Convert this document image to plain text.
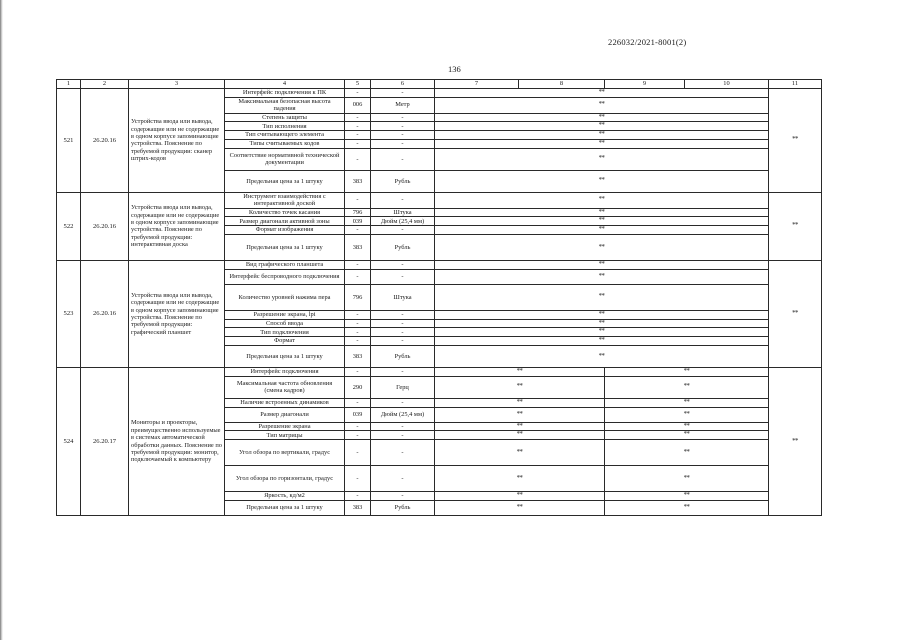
226032/2021-8001(2)
136
1	2	3	4	5	6	7	8	9	10	11
521	26.20.16	Устройства ввода или вывода, содержащие или не содержащие в одном корпусе запоминающие устройства. Пояснение по требуемой продукции: сканер штрих-кодов	Интерфейс подключения к ПК	-	-	**				**
			Максимальная безопасная высота падения	006	Метр	**				
			Степень защиты	-	-	**				
			Тип исполнения	-	-	**				
			Тип считывающего элемента	-	-	**				
			Типы считываемых кодов	-	-	**				
			Соответствие нормативной технической документации	-	-	**				
			Предельная цена за 1 штуку	383	Рубль	**				
522	26.20.16	Устройства ввода или вывода, содержащие или не содержащие в одном корпусе запоминающие устройства. Пояснение по требуемой продукции: интерактивная доска	Инструмент взаимодействия с интерактивной доской	-	-	**				**
			Количество точек касания	796	Штука	**				
			Размер диагонали активной зоны	039	Дюйм (25,4 мм)	**				
			Формат изображения	-	-	**				
			Предельная цена за 1 штуку	383	Рубль	**				
523	26.20.16	Устройства ввода или вывода, содержащие или не содержащие в одном корпусе запоминающие устройства. Пояснение по требуемой продукции: графический планшет	Вид графического планшета	-	-	**				**
			Интерфейс беспроводного подключения	-	-	**				
			Количество уровней нажима пера	796	Штука	**				
			Разрешение экрана, lpi	-	-	**				
			Способ ввода	-	-	**				
			Тип подключения	-	-	**				
			Формат	-	-	**				
			Предельная цена за 1 штуку	383	Рубль	**				
524	26.20.17	Мониторы и проекторы, преимущественно используемые в системах автоматической обработки данных. Пояснение по требуемой продукции: монитор, подключаемый к компьютеру	Интерфейс подключения	-	-	**		**		**
			Максимальная частота обновления (смена кадров)	290	Герц	**		**		
			Наличие встроенных динамиков	-	-	**		**		
			Размер диагонали	039	Дюйм (25,4 мм)	**		**		
			Разрешение экрана	-	-	**		**		
			Тип матрицы	-	-	**		**		
			Угол обзора по вертикали, градус	-	-	**		**		
			Угол обзора по горизонтали, градус	-	-	**		**		
			Яркость, кд/м2	-	-	**		**		
			Предельная цена за 1 штуку	383	Рубль	**		**		
